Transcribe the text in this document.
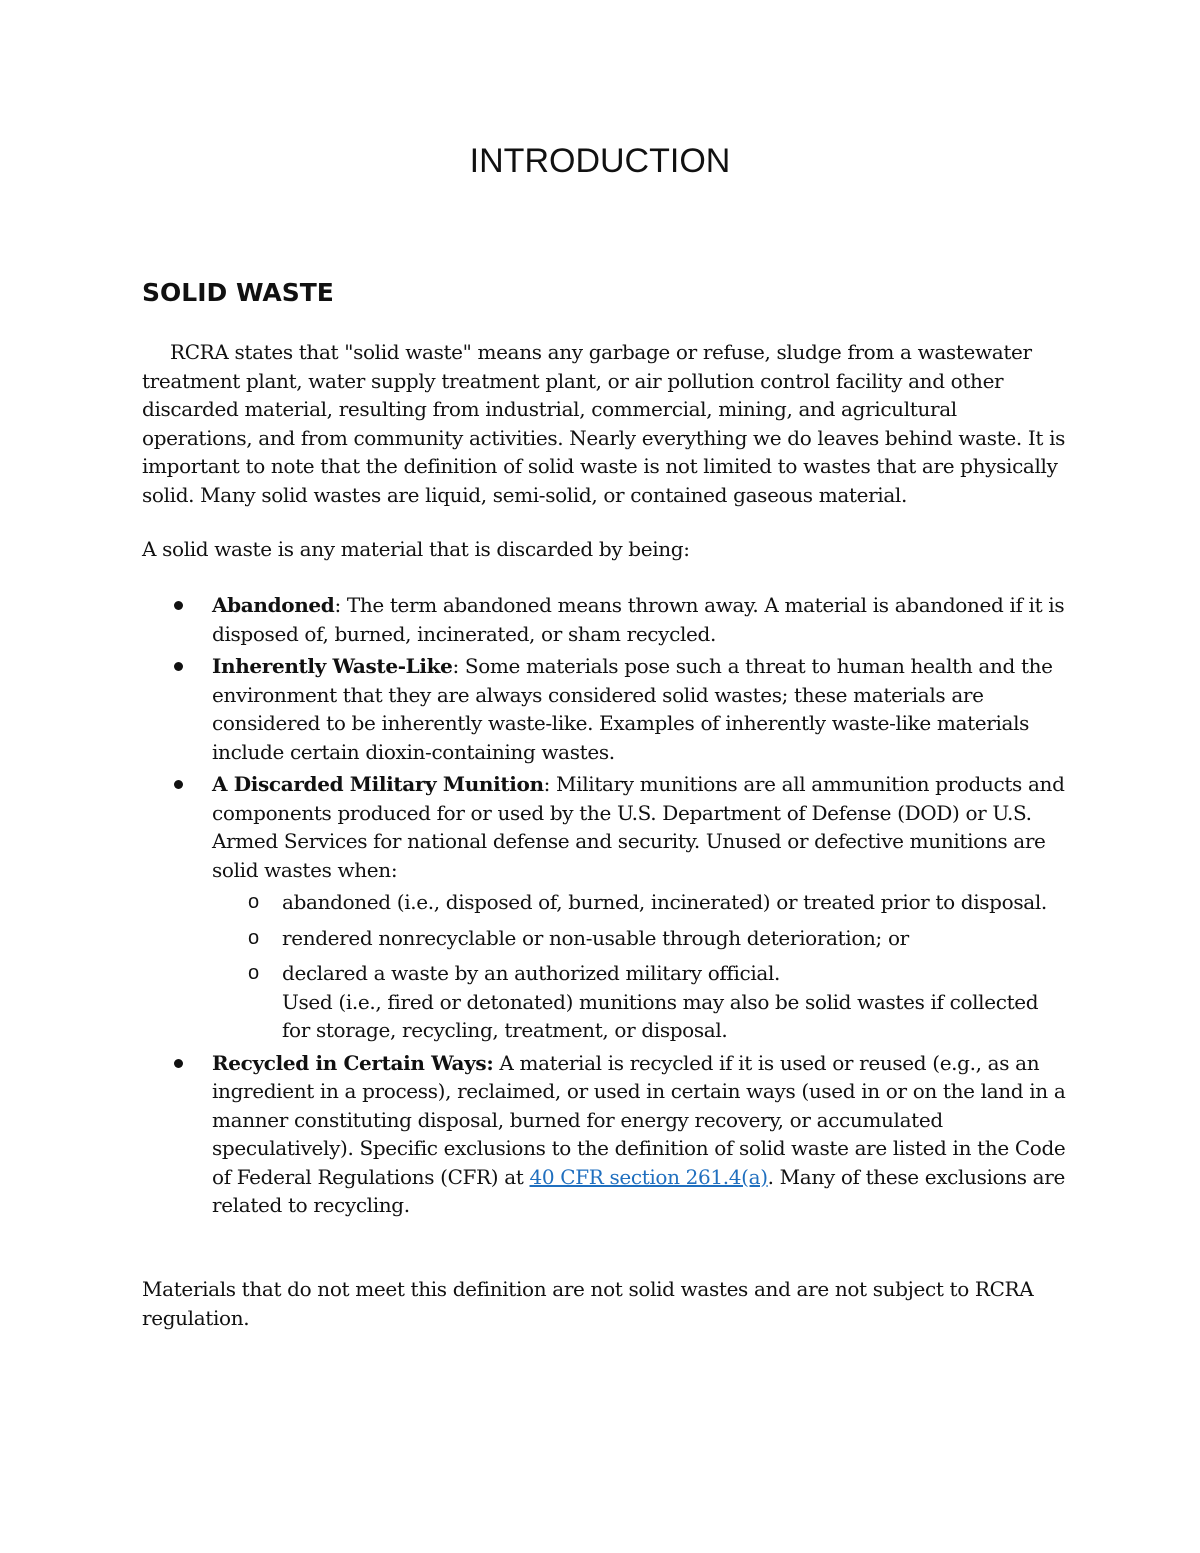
INTRODUCTION
SOLID WASTE

RCRA states that "solid waste" means any garbage or refuse, sludge from a wastewater treatment plant, water supply treatment plant, or air pollution control facility and other discarded material, resulting from industrial, commercial, mining, and agricultural operations, and from community activities. Nearly everything we do leaves behind waste. It is important to note that the definition of solid waste is not limited to wastes that are physically solid. Many solid wastes are liquid, semi-solid, or contained gaseous material.

A solid waste is any material that is discarded by being:

Abandoned: The term abandoned means thrown away. A material is abandoned if it is disposed of, burned, incinerated, or sham recycled.
Inherently Waste-Like: Some materials pose such a threat to human health and the environment that they are always considered solid wastes; these materials are considered to be inherently waste-like. Examples of inherently waste-like materials include certain dioxin-containing wastes.
A Discarded Military Munition: Military munitions are all ammunition products and components produced for or used by the U.S. Department of Defense (DOD) or U.S. Armed Services for national defense and security. Unused or defective munitions are solid wastes when:
o abandoned (i.e., disposed of, burned, incinerated) or treated prior to disposal.
o rendered nonrecyclable or non-usable through deterioration; or
o declared a waste by an authorized military official.

Used (i.e., fired or detonated) munitions may also be solid wastes if collected for storage, recycling, treatment, or disposal.

Recycled in Certain Ways: A material is recycled if it is used or reused (e.g., as an ingredient in a process), reclaimed, or used in certain ways (used in or on the land in a manner constituting disposal, burned for energy recovery, or accumulated speculatively). Specific exclusions to the definition of solid waste are listed in the Code of Federal Regulations (CFR) at 40 CFR section 261.4(a). Many of these exclusions are related to recycling.

Materials that do not meet this definition are not solid wastes and are not subject to RCRA regulation.
